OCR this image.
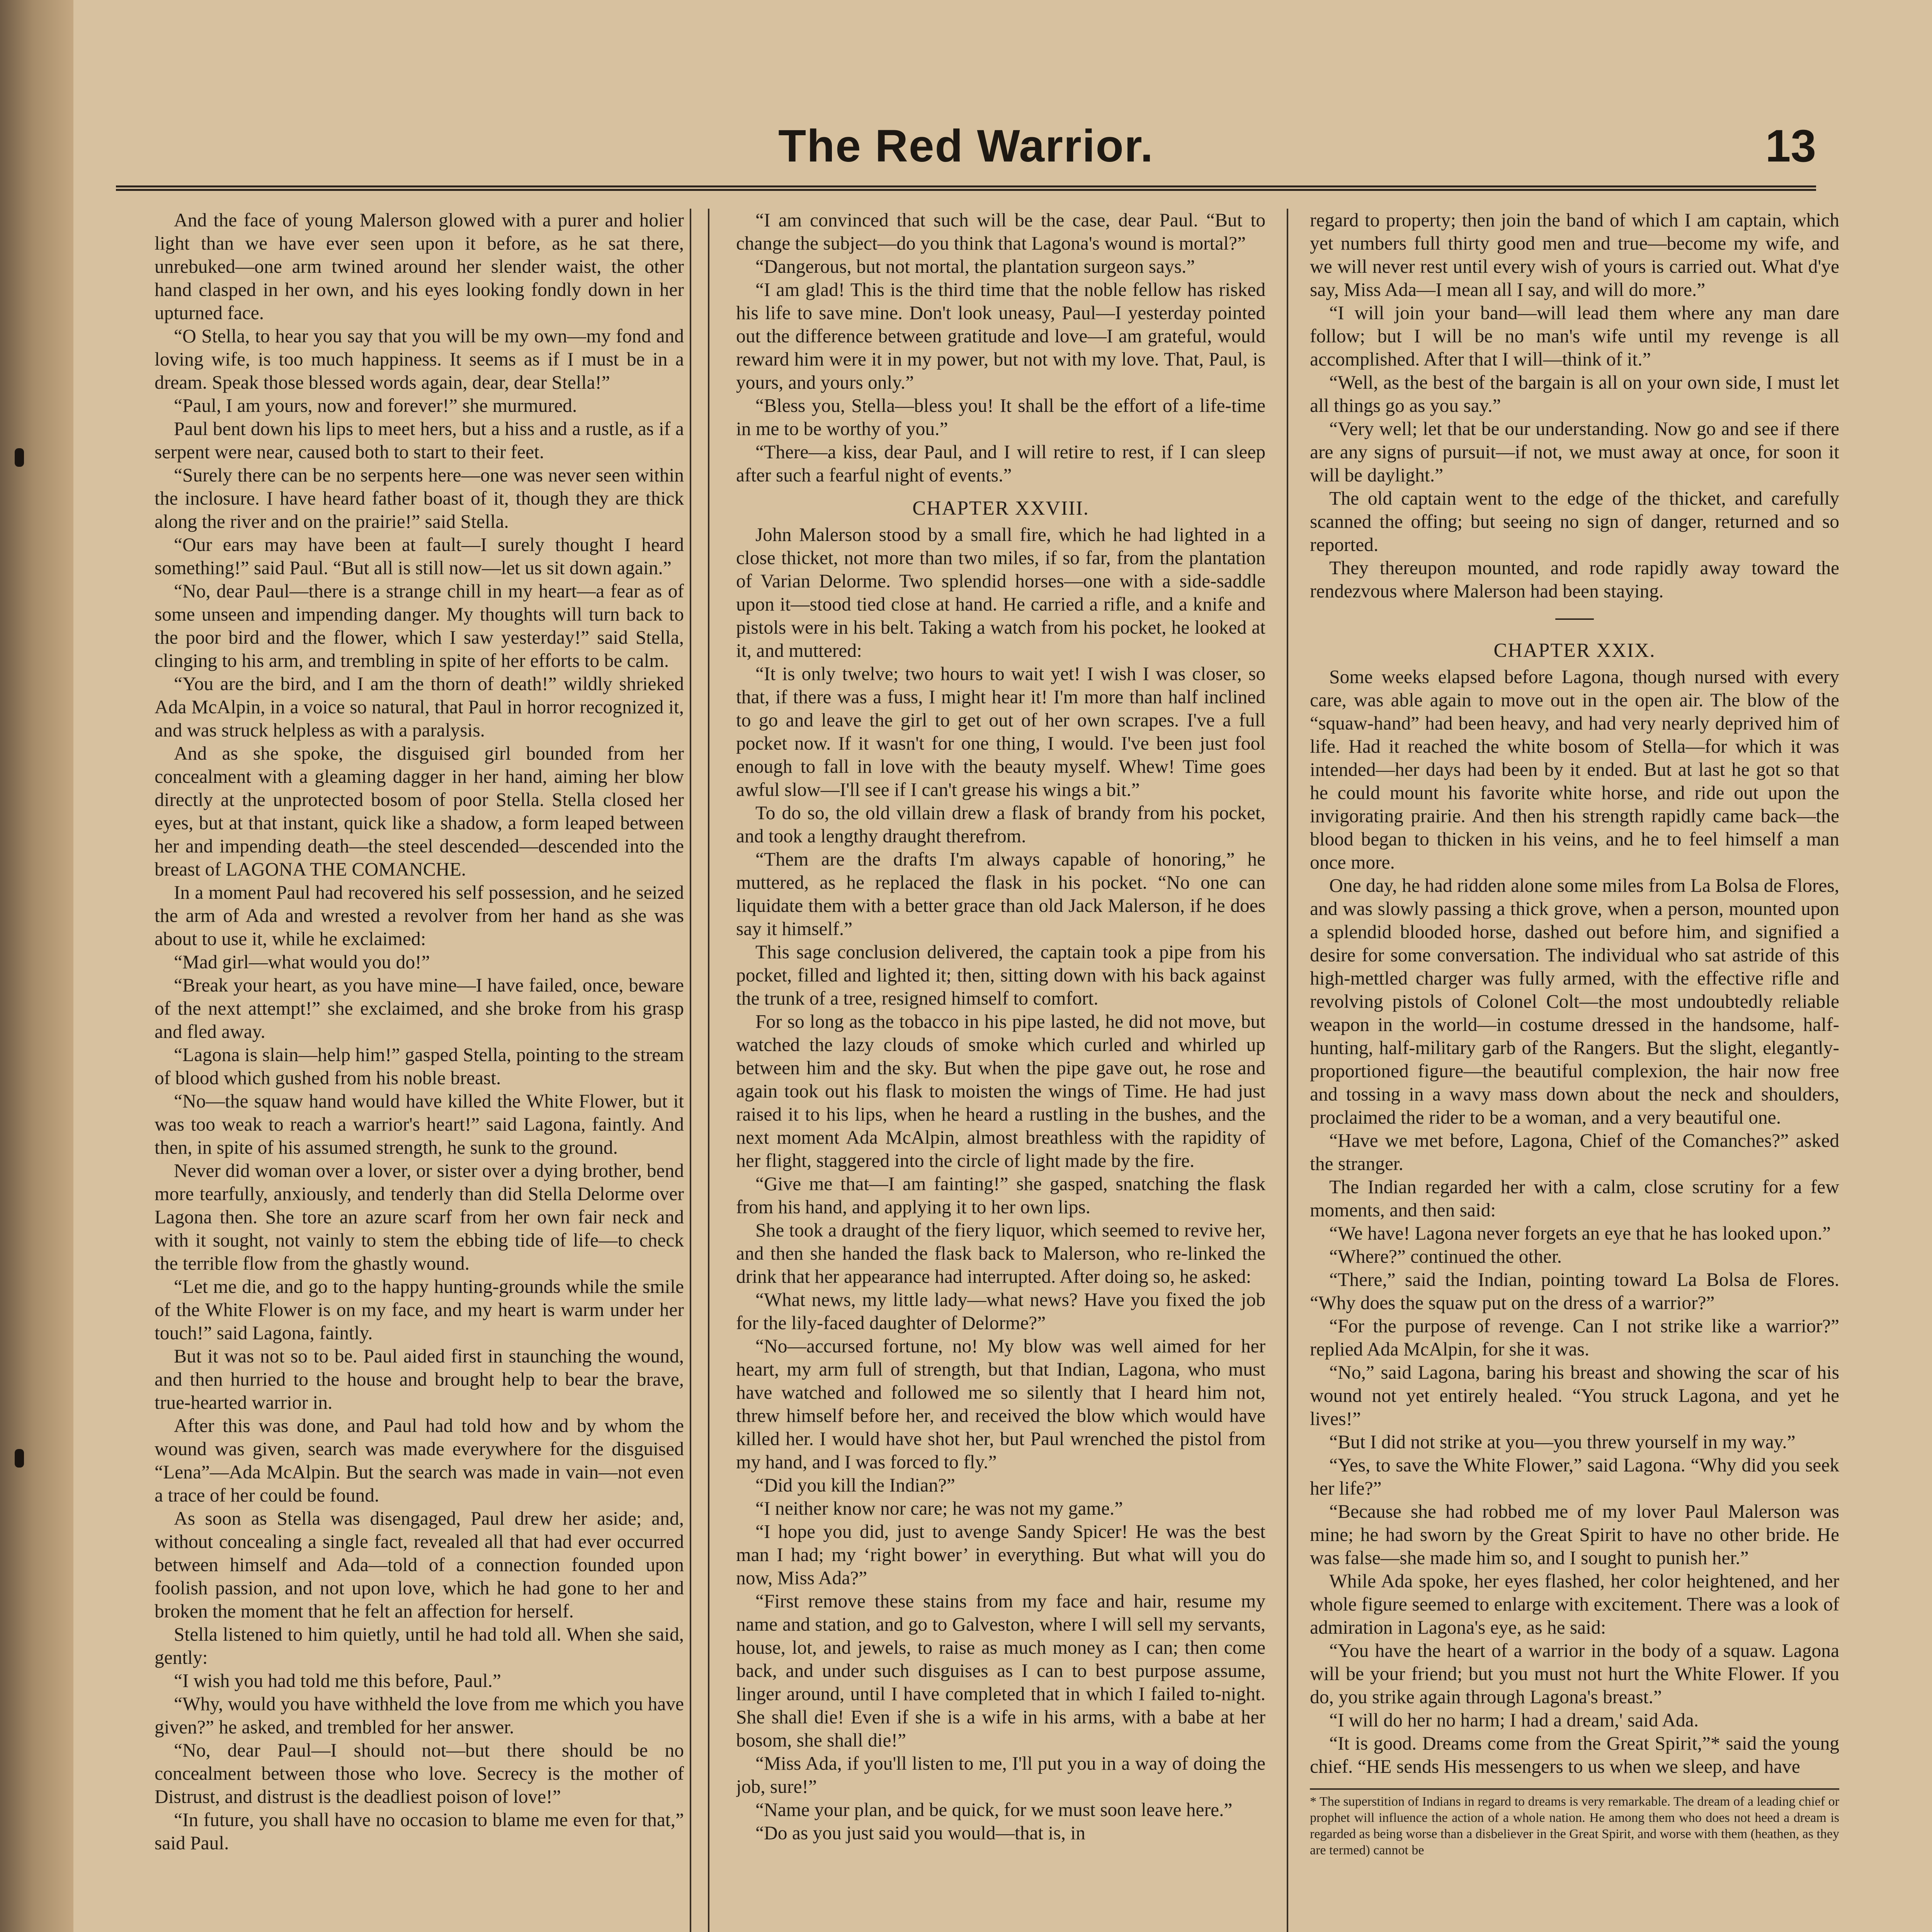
The Red Warrior.	13
And the face of young Malerson glowed with a purer and holier light than we have ever seen upon it before, as he sat there, unrebuked—one arm twined around her slender waist, the other hand clasped in her own, and his eyes looking fondly down in her upturned face.
“O Stella, to hear you say that you will be my own—my fond and loving wife, is too much happiness. It seems as if I must be in a dream. Speak those blessed words again, dear, dear Stella!”
“Paul, I am yours, now and forever!” she murmured.
Paul bent down his lips to meet hers, but a hiss and a rustle, as if a serpent were near, caused both to start to their feet.
“Surely there can be no serpents here—one was never seen within the inclosure. I have heard father boast of it, though they are thick along the river and on the prairie!” said Stella.
“Our ears may have been at fault—I surely thought I heard something!” said Paul. “But all is still now—let us sit down again.”
“No, dear Paul—there is a strange chill in my heart—a fear as of some unseen and impending danger. My thoughts will turn back to the poor bird and the flower, which I saw yesterday!” said Stella, clinging to his arm, and trembling in spite of her efforts to be calm.
“You are the bird, and I am the thorn of death!” wildly shrieked Ada McAlpin, in a voice so natural, that Paul in horror recognized it, and was struck helpless as with a paralysis.
And as she spoke, the disguised girl bounded from her concealment with a gleaming dagger in her hand, aiming her blow directly at the unprotected bosom of poor Stella. Stella closed her eyes, but at that instant, quick like a shadow, a form leaped between her and impending death—the steel descended—descended into the breast of LAGONA THE COMANCHE.
In a moment Paul had recovered his self possession, and he seized the arm of Ada and wrested a revolver from her hand as she was about to use it, while he exclaimed:
“Mad girl—what would you do!”
“Break your heart, as you have mine—I have failed, once, beware of the next attempt!” she exclaimed, and she broke from his grasp and fled away.
“Lagona is slain—help him!” gasped Stella, pointing to the stream of blood which gushed from his noble breast.
“No—the squaw hand would have killed the White Flower, but it was too weak to reach a warrior's heart!” said Lagona, faintly. And then, in spite of his assumed strength, he sunk to the ground.
Never did woman over a lover, or sister over a dying brother, bend more tearfully, anxiously, and tenderly than did Stella Delorme over Lagona then. She tore an azure scarf from her own fair neck and with it sought, not vainly to stem the ebbing tide of life—to check the terrible flow from the ghastly wound.
“Let me die, and go to the happy hunting-grounds while the smile of the White Flower is on my face, and my heart is warm under her touch!” said Lagona, faintly.
But it was not so to be. Paul aided first in staunching the wound, and then hurried to the house and brought help to bear the brave, true-hearted warrior in.
After this was done, and Paul had told how and by whom the wound was given, search was made everywhere for the disguised “Lena”—Ada McAlpin. But the search was made in vain—not even a trace of her could be found.
As soon as Stella was disengaged, Paul drew her aside; and, without concealing a single fact, revealed all that had ever occurred between himself and Ada—told of a connection founded upon foolish passion, and not upon love, which he had gone to her and broken the moment that he felt an affection for herself.
Stella listened to him quietly, until he had told all. When she said, gently:
“I wish you had told me this before, Paul.”
“Why, would you have withheld the love from me which you have given?” he asked, and trembled for her answer.
“No, dear Paul—I should not—but there should be no concealment between those who love. Secrecy is the mother of Distrust, and distrust is the deadliest poison of love!”
“In future, you shall have no occasion to blame me even for that,” said Paul.
“I am convinced that such will be the case, dear Paul. “But to change the subject—do you think that Lagona's wound is mortal?”
“Dangerous, but not mortal, the plantation surgeon says.”
“I am glad! This is the third time that the noble fellow has risked his life to save mine. Don't look uneasy, Paul—I yesterday pointed out the difference between gratitude and love—I am grateful, would reward him were it in my power, but not with my love. That, Paul, is yours, and yours only.”
“Bless you, Stella—bless you! It shall be the effort of a life-time in me to be worthy of you.”
“There—a kiss, dear Paul, and I will retire to rest, if I can sleep after such a fearful night of events.”
CHAPTER XXVIII.
John Malerson stood by a small fire, which he had lighted in a close thicket, not more than two miles, if so far, from the plantation of Varian Delorme. Two splendid horses—one with a side-saddle upon it—stood tied close at hand. He carried a rifle, and a knife and pistols were in his belt. Taking a watch from his pocket, he looked at it, and muttered:
“It is only twelve; two hours to wait yet! I wish I was closer, so that, if there was a fuss, I might hear it! I'm more than half inclined to go and leave the girl to get out of her own scrapes. I've a full pocket now. If it wasn't for one thing, I would. I've been just fool enough to fall in love with the beauty myself. Whew! Time goes awful slow—I'll see if I can't grease his wings a bit.”
To do so, the old villain drew a flask of brandy from his pocket, and took a lengthy draught therefrom.
“Them are the drafts I'm always capable of honoring,” he muttered, as he replaced the flask in his pocket. “No one can liquidate them with a better grace than old Jack Malerson, if he does say it himself.”
This sage conclusion delivered, the captain took a pipe from his pocket, filled and lighted it; then, sitting down with his back against the trunk of a tree, resigned himself to comfort.
For so long as the tobacco in his pipe lasted, he did not move, but watched the lazy clouds of smoke which curled and whirled up between him and the sky. But when the pipe gave out, he rose and again took out his flask to moisten the wings of Time. He had just raised it to his lips, when he heard a rustling in the bushes, and the next moment Ada McAlpin, almost breathless with the rapidity of her flight, staggered into the circle of light made by the fire.
“Give me that—I am fainting!” she gasped, snatching the flask from his hand, and applying it to her own lips.
She took a draught of the fiery liquor, which seemed to revive her, and then she handed the flask back to Malerson, who re-linked the drink that her appearance had interrupted. After doing so, he asked:
“What news, my little lady—what news? Have you fixed the job for the lily-faced daughter of Delorme?”
“No—accursed fortune, no! My blow was well aimed for her heart, my arm full of strength, but that Indian, Lagona, who must have watched and followed me so silently that I heard him not, threw himself before her, and received the blow which would have killed her. I would have shot her, but Paul wrenched the pistol from my hand, and I was forced to fly.”
“Did you kill the Indian?”
“I neither know nor care; he was not my game.”
“I hope you did, just to avenge Sandy Spicer! He was the best man I had; my ‘right bower’ in everything. But what will you do now, Miss Ada?”
“First remove these stains from my face and hair, resume my name and station, and go to Galveston, where I will sell my servants, house, lot, and jewels, to raise as much money as I can; then come back, and under such disguises as I can to best purpose assume, linger around, until I have completed that in which I failed to-night. She shall die! Even if she is a wife in his arms, with a babe at her bosom, she shall die!”
“Miss Ada, if you'll listen to me, I'll put you in a way of doing the job, sure!”
“Name your plan, and be quick, for we must soon leave here.”
“Do as you just said you would—that is, in
regard to property; then join the band of which I am captain, which yet numbers full thirty good men and true—become my wife, and we will never rest until every wish of yours is carried out. What d'ye say, Miss Ada—I mean all I say, and will do more.”
“I will join your band—will lead them where any man dare follow; but I will be no man's wife until my revenge is all accomplished. After that I will—think of it.”
“Well, as the best of the bargain is all on your own side, I must let all things go as you say.”
“Very well; let that be our understanding. Now go and see if there are any signs of pursuit—if not, we must away at once, for soon it will be daylight.”
The old captain went to the edge of the thicket, and carefully scanned the offing; but seeing no sign of danger, returned and so reported.
They thereupon mounted, and rode rapidly away toward the rendezvous where Malerson had been staying.
——
CHAPTER XXIX.
Some weeks elapsed before Lagona, though nursed with every care, was able again to move out in the open air. The blow of the “squaw-hand” had been heavy, and had very nearly deprived him of life. Had it reached the white bosom of Stella—for which it was intended—her days had been by it ended. But at last he got so that he could mount his favorite white horse, and ride out upon the invigorating prairie. And then his strength rapidly came back—the blood began to thicken in his veins, and he to feel himself a man once more.
One day, he had ridden alone some miles from La Bolsa de Flores, and was slowly passing a thick grove, when a person, mounted upon a splendid blooded horse, dashed out before him, and signified a desire for some conversation. The individual who sat astride of this high-mettled charger was fully armed, with the effective rifle and revolving pistols of Colonel Colt—the most undoubtedly reliable weapon in the world—in costume dressed in the handsome, half-hunting, half-military garb of the Rangers. But the slight, elegantly-proportioned figure—the beautiful complexion, the hair now free and tossing in a wavy mass down about the neck and shoulders, proclaimed the rider to be a woman, and a very beautiful one.
“Have we met before, Lagona, Chief of the Comanches?” asked the stranger.
The Indian regarded her with a calm, close scrutiny for a few moments, and then said:
“We have! Lagona never forgets an eye that he has looked upon.”
“Where?” continued the other.
“There,” said the Indian, pointing toward La Bolsa de Flores. “Why does the squaw put on the dress of a warrior?”
“For the purpose of revenge. Can I not strike like a warrior?” replied Ada McAlpin, for she it was.
“No,” said Lagona, baring his breast and showing the scar of his wound not yet entirely healed. “You struck Lagona, and yet he lives!”
“But I did not strike at you—you threw yourself in my way.”
“Yes, to save the White Flower,” said Lagona. “Why did you seek her life?”
“Because she had robbed me of my lover Paul Malerson was mine; he had sworn by the Great Spirit to have no other bride. He was false—she made him so, and I sought to punish her.”
While Ada spoke, her eyes flashed, her color heightened, and her whole figure seemed to enlarge with excitement. There was a look of admiration in Lagona's eye, as he said:
“You have the heart of a warrior in the body of a squaw. Lagona will be your friend; but you must not hurt the White Flower. If you do, you strike again through Lagona's breast.”
“I will do her no harm; I had a dream,' said Ada.
“It is good. Dreams come from the Great Spirit,”* said the young chief. “HE sends His messengers to us when we sleep, and have
* The superstition of Indians in regard to dreams is very remarkable. The dream of a leading chief or prophet will influence the action of a whole nation. He among them who does not heed a dream is regarded as being worse than a disbeliever in the Great Spirit, and worse with them (heathen, as they are termed) cannot be
